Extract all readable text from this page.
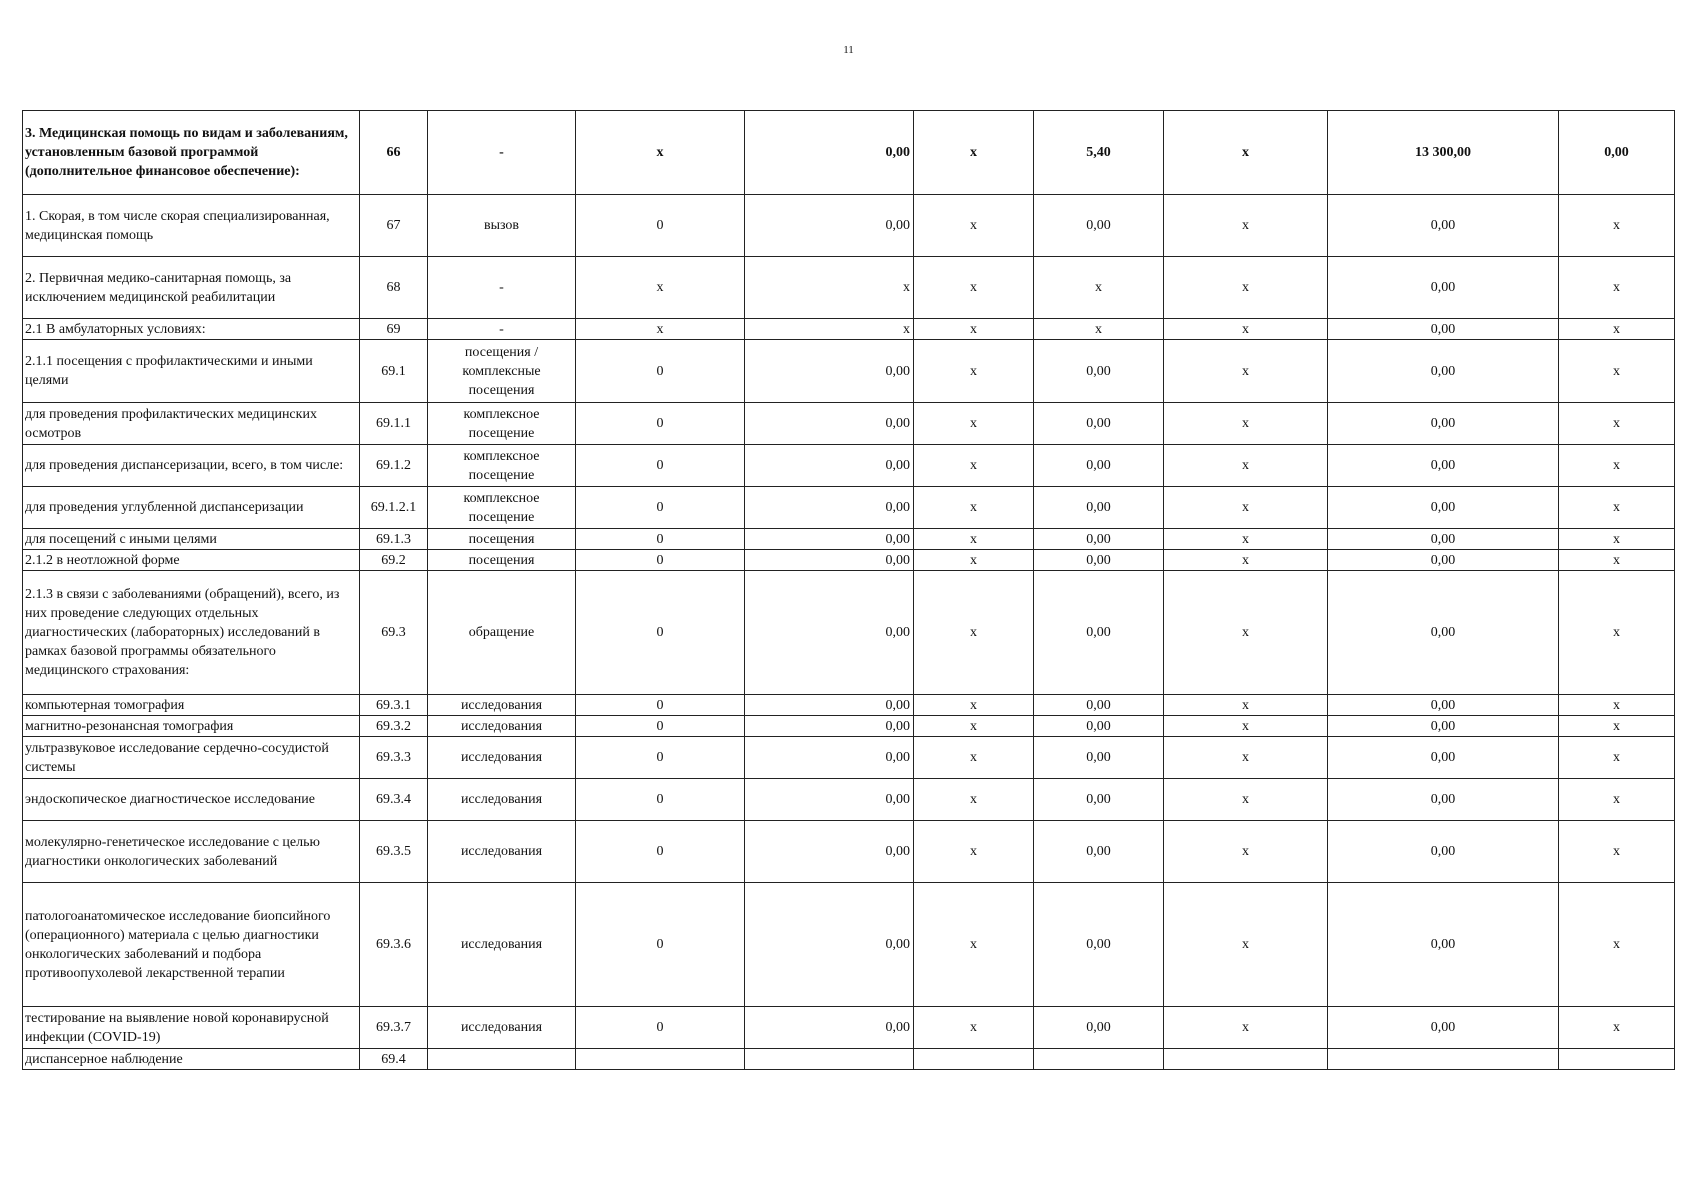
11
3. Медицинская помощь по видам и заболеваниям, установленным базовой программой (дополнительное финансовое обеспечение):	66	-	х	0,00	х	5,40	х	13 300,00	0,00
1. Скорая, в том числе скорая специализированная, медицинская помощь	67	вызов	0	0,00	х	0,00	х	0,00	х
2. Первичная медико-санитарная помощь, за исключением медицинской реабилитации	68	-	х	х	х	х	х	0,00	х
2.1 В амбулаторных условиях:	69	-	х	х	х	х	х	0,00	х
2.1.1 посещения с профилактическими и иными целями	69.1	посещения / комплексные посещения	0	0,00	х	0,00	х	0,00	х
для проведения профилактических медицинских осмотров	69.1.1	комплексное посещение	0	0,00	х	0,00	х	0,00	х
для проведения диспансеризации, всего, в том числе:	69.1.2	комплексное посещение	0	0,00	х	0,00	х	0,00	х
для проведения углубленной диспансеризации	69.1.2.1	комплексное посещение	0	0,00	х	0,00	х	0,00	х
для посещений с иными целями	69.1.3	посещения	0	0,00	х	0,00	х	0,00	х
2.1.2 в неотложной форме	69.2	посещения	0	0,00	х	0,00	х	0,00	х
2.1.3 в связи с заболеваниями (обращений), всего, из них проведение следующих отдельных диагностических (лабораторных) исследований в рамках базовой программы обязательного медицинского страхования:	69.3	обращение	0	0,00	х	0,00	х	0,00	х
компьютерная томография	69.3.1	исследования	0	0,00	х	0,00	х	0,00	х
магнитно-резонансная томография	69.3.2	исследования	0	0,00	х	0,00	х	0,00	х
ультразвуковое исследование сердечно-сосудистой системы	69.3.3	исследования	0	0,00	х	0,00	х	0,00	х
эндоскопическое диагностическое исследование	69.3.4	исследования	0	0,00	х	0,00	х	0,00	х
молекулярно-генетическое исследование с целью диагностики онкологических заболеваний	69.3.5	исследования	0	0,00	х	0,00	х	0,00	х
патологоанатомическое исследование биопсийного (операционного) материала с целью диагностики онкологических заболеваний и подбора противоопухолевой лекарственной терапии	69.3.6	исследования	0	0,00	х	0,00	х	0,00	х
тестирование на выявление новой коронавирусной инфекции (COVID-19)	69.3.7	исследования	0	0,00	х	0,00	х	0,00	х
диспансерное наблюдение	69.4								
